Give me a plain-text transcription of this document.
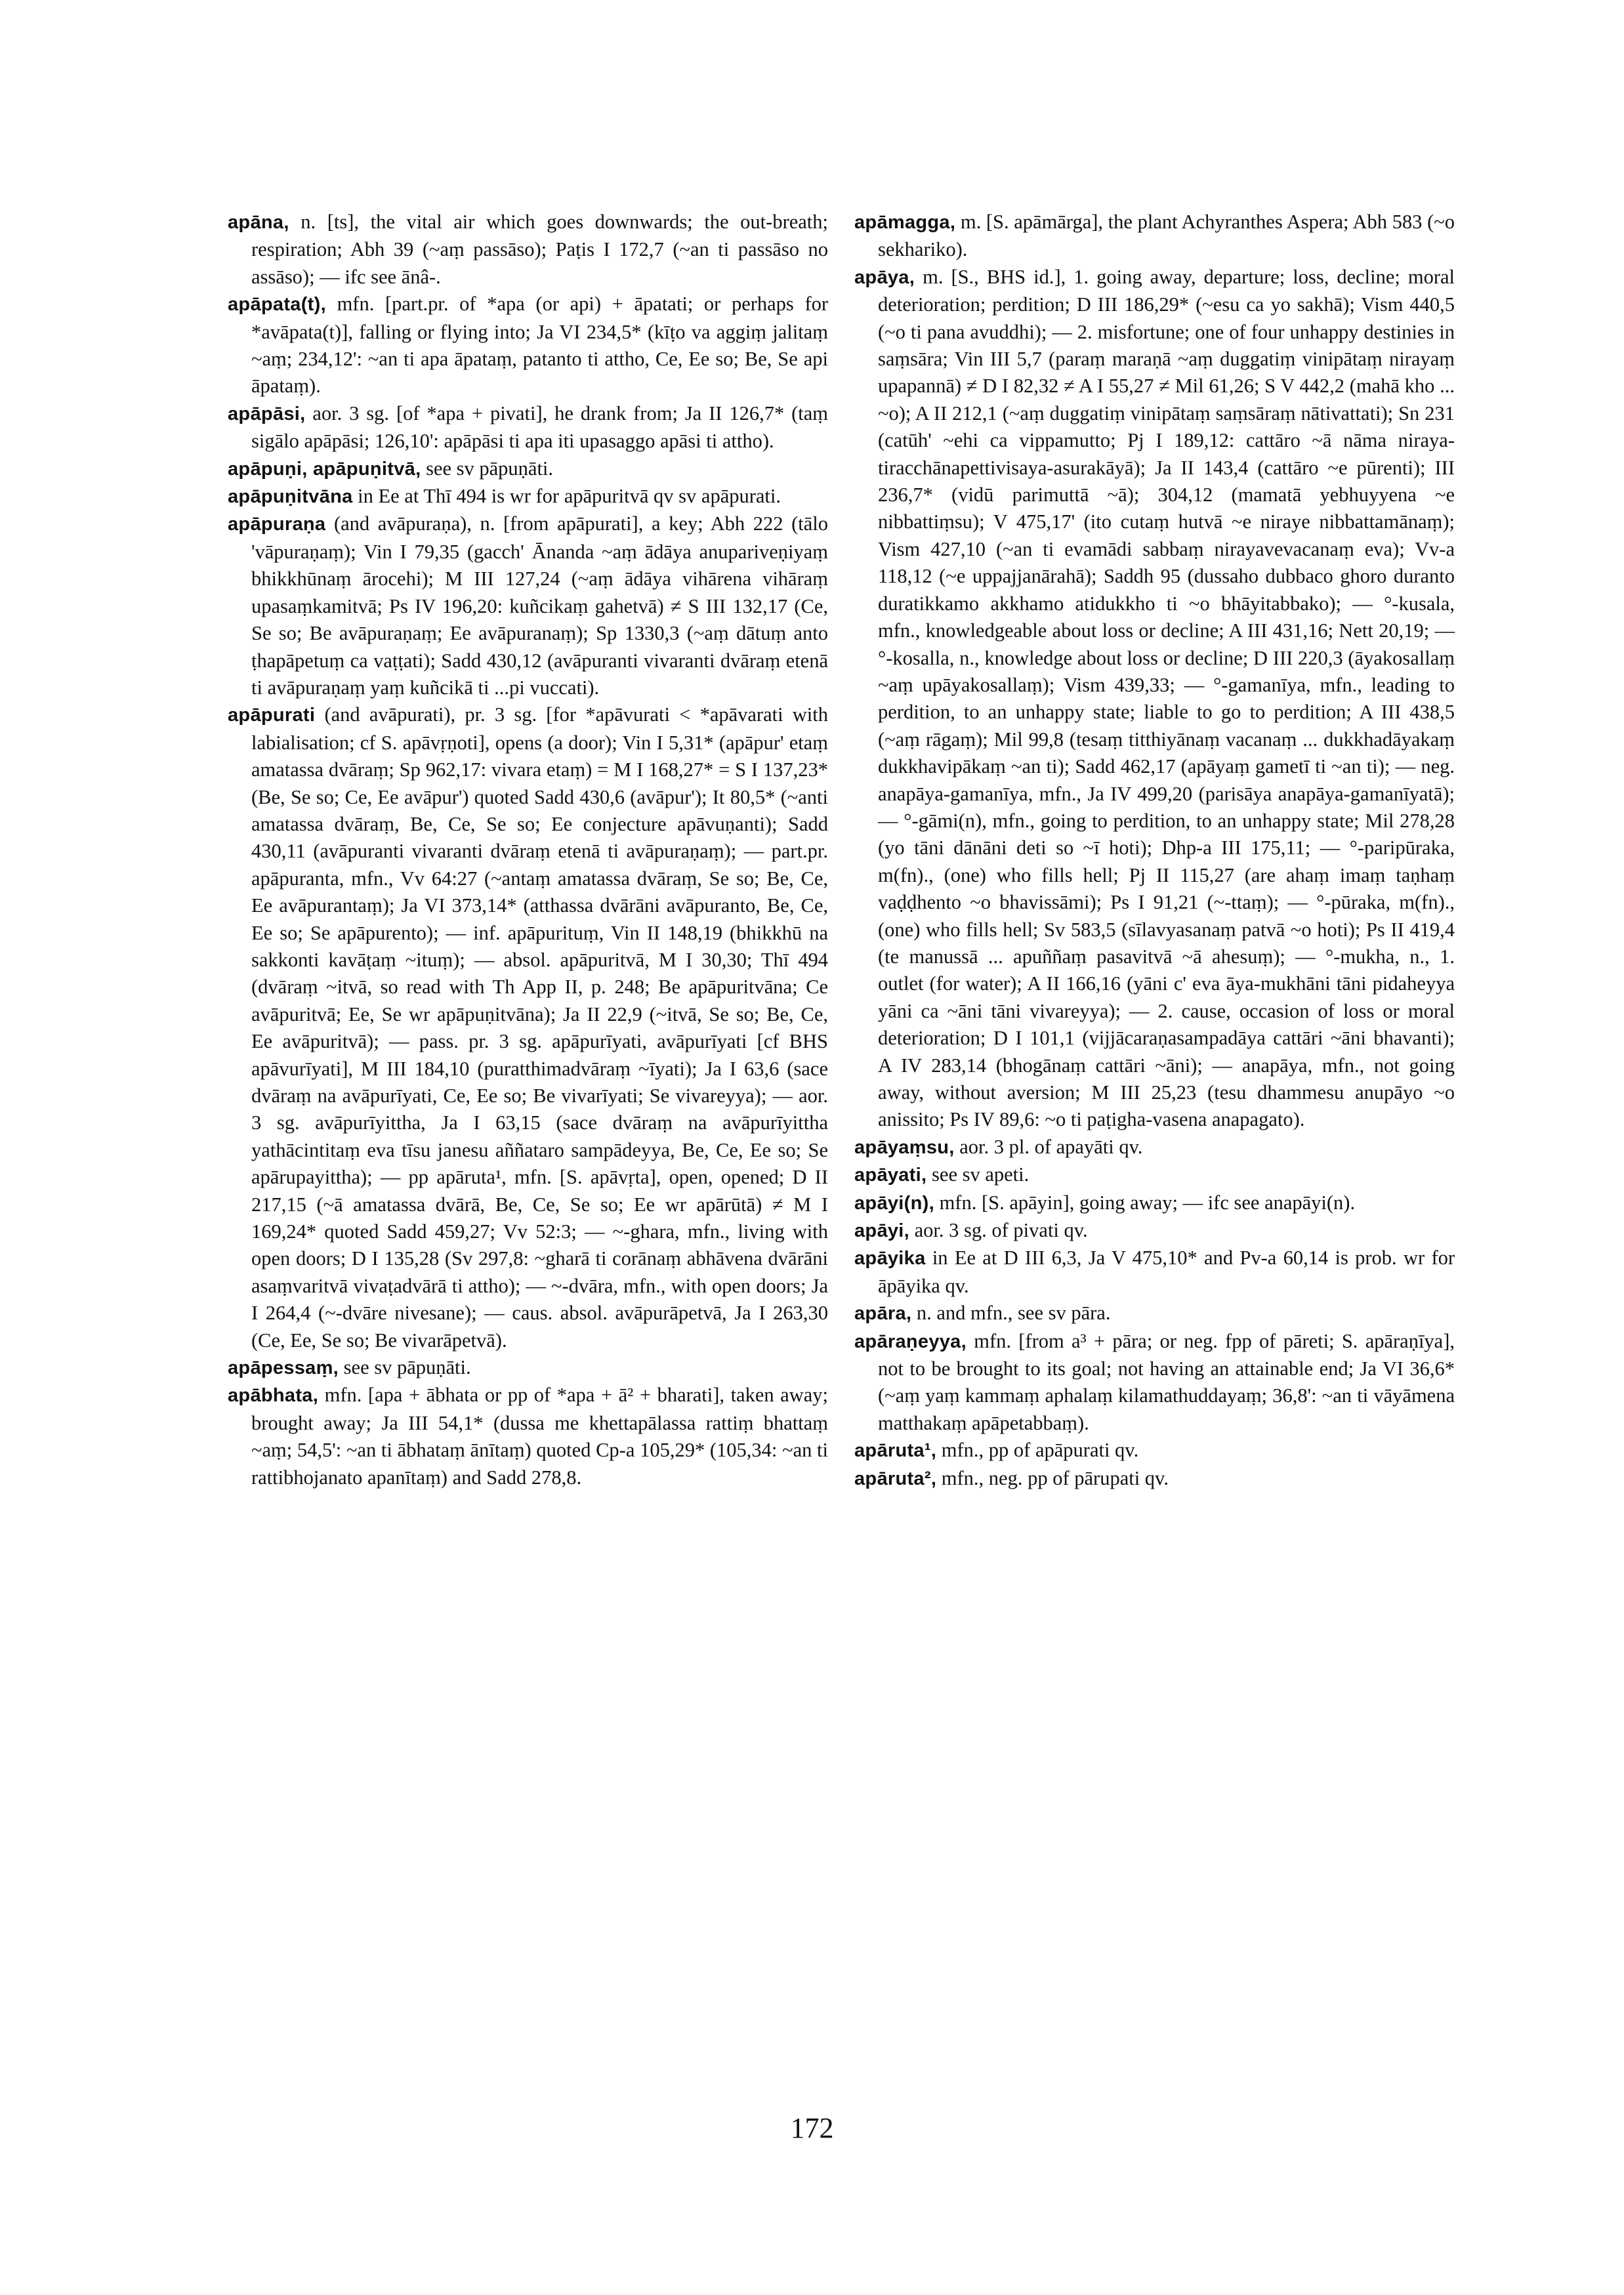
apāna, n. [ts], the vital air which goes downwards; the out-breath; respiration; Abh 39 (~aṃ passāso); Paṭis I 172,7 (~an ti passāso no assāso); — ifc see ānâ-.

apāpata(t), mfn. [part.pr. of *apa (or api) + āpatati; or perhaps for *avāpata(t)], falling or flying into; Ja VI 234,5* (kīṭo va aggiṃ jalitaṃ ~aṃ; 234,12': ~an ti apa āpataṃ, patanto ti attho, Ce, Ee so; Be, Se api āpataṃ).

apāpāsi, aor. 3 sg. [of *apa + pivati], he drank from; Ja II 126,7* (taṃ sigālo apāpāsi; 126,10': apāpāsi ti apa iti upasaggo apāsi ti attho).

apāpuṇi, apāpuṇitvā, see sv pāpuṇāti.

apāpuṇitvāna in Ee at Thī 494 is wr for apāpuritvā qv sv apāpurati.

apāpuraṇa (and avāpuraṇa), n. [from apāpurati], a key; Abh 222 (tālo 'vāpuraṇaṃ); Vin I 79,35 (gacch' Ānanda ~aṃ ādāya anupariveṇiyaṃ bhikkhūnaṃ ārocehi); M III 127,24 (~aṃ ādāya vihārena vihāraṃ upasaṃkamitvā; Ps IV 196,20: kuñcikaṃ gahetvā) ≠ S III 132,17 (Ce, Se so; Be avāpuraṇaṃ; Ee avāpuranaṃ); Sp 1330,3 (~aṃ dātuṃ anto ṭhapāpetuṃ ca vaṭṭati); Sadd 430,12 (avāpuranti vivaranti dvāraṃ etenā ti avāpuraṇaṃ yaṃ kuñcikā ti ...pi vuccati).

apāpurati (and avāpurati), pr. 3 sg. [for *apāvurati < *apāvarati with labialisation; cf S. apāvṛṇoti], opens (a door); Vin I 5,31* (apāpur' etaṃ amatassa dvāraṃ; Sp 962,17: vivara etaṃ) = M I 168,27* = S I 137,23* (Be, Se so; Ce, Ee avāpur') quoted Sadd 430,6 (avāpur'); It 80,5* (~anti amatassa dvāraṃ, Be, Ce, Se so; Ee conjecture apāvuṇanti); Sadd 430,11 (avāpuranti vivaranti dvāraṃ etenā ti avāpuraṇaṃ); — part.pr. apāpuranta, mfn., Vv 64:27 (~antaṃ amatassa dvāraṃ, Se so; Be, Ce, Ee avāpurantaṃ); Ja VI 373,14* (atthassa dvārāni avāpuranto, Be, Ce, Ee so; Se apāpurento); — inf. apāpurituṃ, Vin II 148,19 (bhikkhū na sakkonti kavāṭaṃ ~ituṃ); — absol. apāpuritvā, M I 30,30; Thī 494 (dvāraṃ ~itvā, so read with Th App II, p. 248; Be apāpuritvāna; Ce avāpuritvā; Ee, Se wr apāpuṇitvāna); Ja II 22,9 (~itvā, Se so; Be, Ce, Ee avāpuritvā); — pass. pr. 3 sg. apāpurīyati, avāpurīyati [cf BHS apāvurīyati], M III 184,10 (puratthimadvāraṃ ~īyati); Ja I 63,6 (sace dvāraṃ na avāpurīyati, Ce, Ee so; Be vivarīyati; Se vivareyya); — aor. 3 sg. avāpurīyittha, Ja I 63,15 (sace dvāraṃ na avāpurīyittha yathācintitaṃ eva tīsu janesu aññataro sampādeyya, Be, Ce, Ee so; Se apārupayittha); — pp apāruta¹, mfn. [S. apāvṛta], open, opened; D II 217,15 (~ā amatassa dvārā, Be, Ce, Se so; Ee wr apārūtā) ≠ M I 169,24* quoted Sadd 459,27; Vv 52:3; — ~-ghara, mfn., living with open doors; D I 135,28 (Sv 297,8: ~gharā ti corānaṃ abhāvena dvārāni asaṃvaritvā vivaṭadvārā ti attho); — ~-dvāra, mfn., with open doors; Ja I 264,4 (~-dvāre nivesane); — caus. absol. avāpurāpetvā, Ja I 263,30 (Ce, Ee, Se so; Be vivarāpetvā).

apāpessaṃ, see sv pāpuṇāti.

apābhata, mfn. [apa + ābhata or pp of *apa + ā² + bharati], taken away; brought away; Ja III 54,1* (dussa me khettapālassa rattiṃ bhattaṃ ~aṃ; 54,5': ~an ti ābhataṃ ānītaṃ) quoted Cp-a 105,29* (105,34: ~an ti rattibhojanato apanītaṃ) and Sadd 278,8.

apāmagga, m. [S. apāmārga], the plant Achyranthes Aspera; Abh 583 (~o sekhariko).

apāya, m. [S., BHS id.], 1. going away, departure; loss, decline; moral deterioration; perdition; D III 186,29* (~esu ca yo sakhā); Vism 440,5 (~o ti pana avuddhi); — 2. misfortune; one of four unhappy destinies in saṃsāra; Vin III 5,7 (paraṃ maraṇā ~aṃ duggatiṃ vinipātaṃ nirayaṃ upapannā) ≠ D I 82,32 ≠ A I 55,27 ≠ Mil 61,26; S V 442,2 (mahā kho ... ~o); A II 212,1 (~aṃ duggatiṃ vinipātaṃ saṃsāraṃ nātivattati); Sn 231 (catūh' ~ehi ca vippamutto; Pj I 189,12: cattāro ~ā nāma niraya-tiracchānapettivisaya-asurakāyā); Ja II 143,4 (cattāro ~e pūrenti); III 236,7* (vidū parimuttā ~ā); 304,12 (mamatā yebhuyyena ~e nibbattiṃsu); V 475,17' (ito cutaṃ hutvā ~e niraye nibbattamānaṃ); Vism 427,10 (~an ti evamādi sabbaṃ nirayavevacanaṃ eva); Vv-a 118,12 (~e uppajjanārahā); Saddh 95 (dussaho dubbaco ghoro duranto duratikkamo akkhamo atidukkho ti ~o bhāyitabbako); — °-kusala, mfn., knowledgeable about loss or decline; A III 431,16; Nett 20,19; — °-kosalla, n., knowledge about loss or decline; D III 220,3 (āyakosallaṃ ~aṃ upāyakosallaṃ); Vism 439,33; — °-gamanīya, mfn., leading to perdition, to an unhappy state; liable to go to perdition; A III 438,5 (~aṃ rāgaṃ); Mil 99,8 (tesaṃ titthiyānaṃ vacanaṃ ... dukkhadāyakaṃ dukkhavipākaṃ ~an ti); Sadd 462,17 (apāyaṃ gametī ti ~an ti); — neg. anapāya-gamanīya, mfn., Ja IV 499,20 (parisāya anapāya-gamanīyatā); — °-gāmi(n), mfn., going to perdition, to an unhappy state; Mil 278,28 (yo tāni dānāni deti so ~ī hoti); Dhp-a III 175,11; — °-paripūraka, m(fn)., (one) who fills hell; Pj II 115,27 (are ahaṃ imaṃ taṇhaṃ vaḍḍhento ~o bhavissāmi); Ps I 91,21 (~-ttaṃ); — °-pūraka, m(fn)., (one) who fills hell; Sv 583,5 (sīlavyasanaṃ patvā ~o hoti); Ps II 419,4 (te manussā ... apuññaṃ pasavitvā ~ā ahesuṃ); — °-mukha, n., 1. outlet (for water); A II 166,16 (yāni c' eva āya-mukhāni tāni pidaheyya yāni ca ~āni tāni vivareyya); — 2. cause, occasion of loss or moral deterioration; D I 101,1 (vijjācaraṇasampadāya cattāri ~āni bhavanti); A IV 283,14 (bhogānaṃ cattāri ~āni); — anapāya, mfn., not going away, without aversion; M III 25,23 (tesu dhammesu anupāyo ~o anissito; Ps IV 89,6: ~o ti paṭigha-vasena anapagato).

apāyaṃsu, aor. 3 pl. of apayāti qv.

apāyati, see sv apeti.

apāyi(n), mfn. [S. apāyin], going away; — ifc see anapāyi(n).

apāyi, aor. 3 sg. of pivati qv.

apāyika in Ee at D III 6,3, Ja V 475,10* and Pv-a 60,14 is prob. wr for āpāyika qv.

apāra, n. and mfn., see sv pāra.

apāraṇeyya, mfn. [from a³ + pāra; or neg. fpp of pāreti; S. apāraṇīya], not to be brought to its goal; not having an attainable end; Ja VI 36,6* (~aṃ yaṃ kammaṃ aphalaṃ kilamathuddayaṃ; 36,8': ~an ti vāyāmena matthakaṃ apāpetabbaṃ).

apāruta¹, mfn., pp of apāpurati qv.

apāruta², mfn., neg. pp of pārupati qv.

172
